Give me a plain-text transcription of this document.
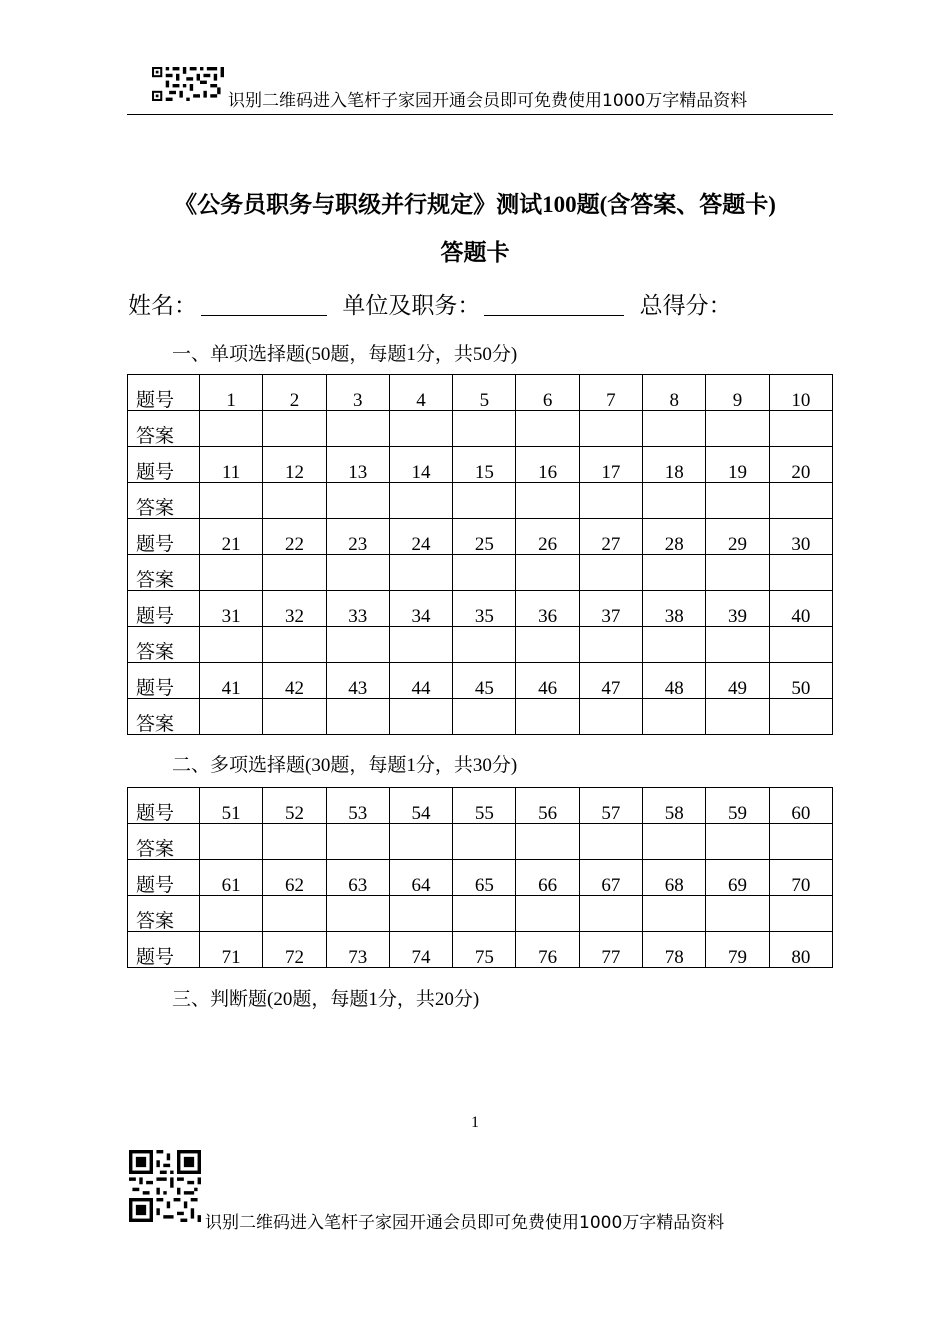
识别二维码进入笔杆子家园开通会员即可免费使用1000万字精品资料
《公务员职务与职级并行规定》测试100题(含答案、答题卡)
答题卡
姓名：	单位及职务：	总得分：
一、单项选择题(50题，每题1分，共50分)
题号	1	2	3	4	5	6	7	8	9	10
答案										
题号	11	12	13	14	15	16	17	18	19	20
答案										
题号	21	22	23	24	25	26	27	28	29	30
答案										
题号	31	32	33	34	35	36	37	38	39	40
答案										
题号	41	42	43	44	45	46	47	48	49	50
答案										
二、多项选择题(30题，每题1分，共30分)
题号	51	52	53	54	55	56	57	58	59	60
答案										
题号	61	62	63	64	65	66	67	68	69	70
答案										
题号	71	72	73	74	75	76	77	78	79	80
三、判断题(20题，每题1分，共20分)
1
识别二维码进入笔杆子家园开通会员即可免费使用1000万字精品资料
